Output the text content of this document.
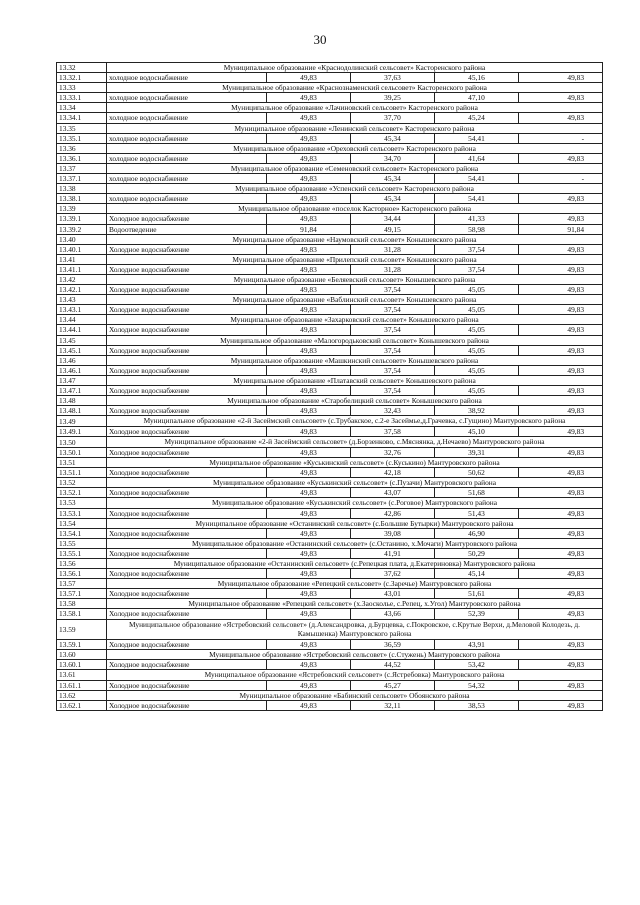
30
13.32	Муниципальное образование «Краснодолинский сельсовет» Касторенского района				
13.32.1	холодное водоснабжение	49,83	37,63	45,16	49,83
13.33	Муниципальное образование «Краснознаменский сельсовет» Касторенского района				
13.33.1	холодное водоснабжение	49,83	39,25	47,10	49,83
13.34	Муниципальное образование «Лачиновский сельсовет» Касторенского района				
13.34.1	холодное водоснабжение	49,83	37,70	45,24	49,83
13.35	Муниципальное образование «Ленинский сельсовет» Касторенского района				
13.35.1	холодное водоснабжение	49,83	45,34	54,41	-
13.36	Муниципальное образование «Ореховский сельсовет» Касторенского района				
13.36.1	холодное водоснабжение	49,83	34,70	41,64	49,83
13.37	Муниципальное образование «Семеновский сельсовет» Касторенского района				
13.37.1	холодное водоснабжение	49,83	45,34	54,41	-
13.38	Муниципальное образование «Успенский сельсовет» Касторенского района				
13.38.1	холодное водоснабжение	49,83	45,34	54,41	49,83
13.39	Муниципальное образование «поселок Касторное» Касторенского района				
13.39.1	Холодное водоснабжение	49,83	34,44	41,33	49,83
13.39.2	Водоотведение	91,84	49,15	58,98	91,84
13.40	Муниципальное образование «Наумовский сельсовет» Конышевского района				
13.40.1	Холодное водоснабжение	49,83	31,28	37,54	49,83
13.41	Муниципальное образование «Прилепский сельсовет» Конышевского района				
13.41.1	Холодное водоснабжение	49,83	31,28	37,54	49,83
13.42	Муниципальное образование «Беляевский сельсовет» Конышевского района				
13.42.1	Холодное водоснабжение	49,83	37,54	45,05	49,83
13.43	Муниципальное образование «Ваблинский сельсовет» Конышевского района				
13.43.1	Холодное водоснабжение	49,83	37,54	45,05	49,83
13.44	Муниципальное образование «Захарковский сельсовет» Конышевского района				
13.44.1	Холодное водоснабжение	49,83	37,54	45,05	49,83
13.45	Муниципальное образование «Малогородьковский сельсовет» Конышевского района				
13.45.1	Холодное водоснабжение	49,83	37,54	45,05	49,83
13.46	Муниципальное образование «Машкинский сельсовет» Конышевского района				
13.46.1	Холодное водоснабжение	49,83	37,54	45,05	49,83
13.47	Муниципальное образование «Платавский сельсовет» Конышевского района				
13.47.1	Холодное водоснабжение	49,83	37,54	45,05	49,83
13.48	Муниципальное образование «Старобелицкий сельсовет» Конышевского района				
13.48.1	Холодное водоснабжение	49,83	32,43	38,92	49,83
13.49	Муниципальное образование «2-й Засеймский сельсовет» (с.Трубакское, с.2-е Засеймье,д.Грачевка, с.Гущино) Мантуровского района				
13.49.1	Холодное водоснабжение	49,83	37,58	45,10	49,83
13.50	Муниципальное образование «2-й Засеймский сельсовет» (д.Борзенково, с.Мяснянка, д.Нечаево) Мантуровского района				
13.50.1	Холодное водоснабжение	49,83	32,76	39,31	49,83
13.51	Муниципальное образование «Куськинский сельсовет» (с.Куськино) Мантуровского района				
13.51.1	Холодное водоснабжение	49,83	42,18	50,62	49,83
13.52	Муниципальное образование «Куськинский сельсовет» (с.Пузачи) Мантуровского района				
13.52.1	Холодное водоснабжение	49,83	43,07	51,68	49,83
13.53	Муниципальное образование «Куськинский сельсовет» (с.Роговое) Мантуровского района				
13.53.1	Холодное водоснабжение	49,83	42,86	51,43	49,83
13.54	Муниципальное образование «Останинский сельсовет» (с.Большие Бутырки) Мантуровского района				
13.54.1	Холодное водоснабжение	49,83	39,08	46,90	49,83
13.55	Муниципальное образование «Останинский сельсовет» (с.Останино, х.Мочаги) Мантуровского района				
13.55.1	Холодное водоснабжение	49,83	41,91	50,29	49,83
13.56	Муниципальное образование «Останинский сельсовет» (с.Репецкая плата, д.Екатериновка) Мантуровского района				
13.56.1	Холодное водоснабжение	49,83	37,62	45,14	49,83
13.57	Муниципальное образование «Репецкий сельсовет» (с.Заречье) Мантуровского района				
13.57.1	Холодное водоснабжение	49,83	43,01	51,61	49,83
13.58	Муниципальное образование «Репецкий сельсовет» (х.Заосколье, с.Репец, х.Угол) Мантуровского района				
13.58.1	Холодное водоснабжение	49,83	43,66	52,39	49,83
13.59	Муниципальное образование «Ястребовский сельсовет» (д.Александровка, д.Бурцевка, с.Покровское, с.Крутые Верхи, д.Меловой Колодезь, д. Камышенка) Мантуровского района				
13.59.1	Холодное водоснабжение	49,83	36,59	43,91	49,83
13.60	Муниципальное образование «Ястребовский сельсовет» (с.Стужень) Мантуровского района				
13.60.1	Холодное водоснабжение	49,83	44,52	53,42	49,83
13.61	Муниципальное образование «Ястребовский сельсовет» (с.Ястребовка) Мантуровского района				
13.61.1	Холодное водоснабжение	49,83	45,27	54,32	49,83
13.62	Муниципальное образование «Бабинский сельсовет» Обоянского района				
13.62.1	Холодное водоснабжение	49,83	32,11	38,53	49,83
